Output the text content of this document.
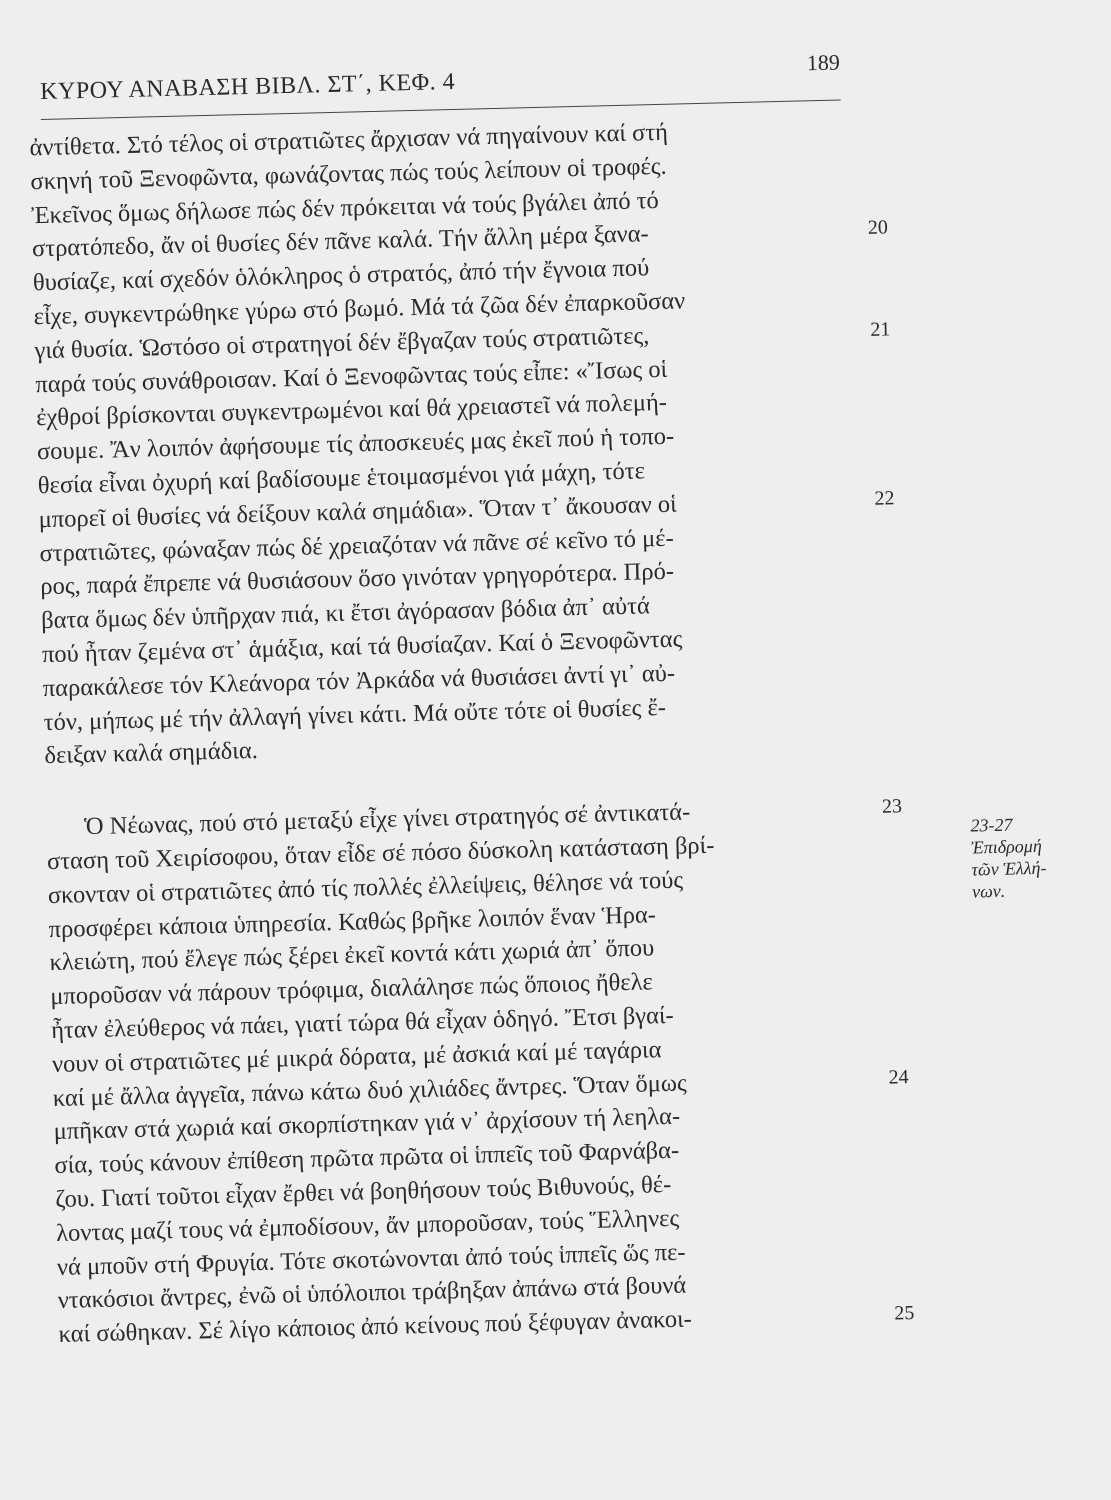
ΚΥΡΟΥ ΑΝΑΒΑΣΗ ΒΙΒΛ. ΣΤ΄, ΚΕΦ. 4
189
ἀντίθετα. Στό τέλος οἱ στρατιῶτες ἄρχισαν νά πηγαίνουν καί στή
σκηνή τοῦ Ξενοφῶντα, φωνάζοντας πώς τούς λείπουν οἱ τροφές.
Ἐκεῖνος ὅμως δήλωσε πώς δέν πρόκειται νά τούς βγάλει ἀπό τό
στρατόπεδο, ἄν οἱ θυσίες δέν πᾶνε καλά. Τήν ἄλλη μέρα ξανα-	20
θυσίαζε, καί σχεδόν ὁλόκληρος ὁ στρατός, ἀπό τήν ἔγνοια πού
εἶχε, συγκεντρώθηκε γύρω στό βωμό. Μά τά ζῶα δέν ἐπαρκοῦσαν
γιά θυσία. Ὡστόσο οἱ στρατηγοί δέν ἔβγαζαν τούς στρατιῶτες,	21
παρά τούς συνάθροισαν. Καί ὁ Ξενοφῶντας τούς εἶπε: «Ἴσως οἱ
ἐχθροί βρίσκονται συγκεντρωμένοι καί θά χρειαστεῖ νά πολεμή-
σουμε. Ἄν λοιπόν ἀφήσουμε τίς ἀποσκευές μας ἐκεῖ πού ἡ τοπο-
θεσία εἶναι ὀχυρή καί βαδίσουμε ἑτοιμασμένοι γιά μάχη, τότε
μπορεῖ οἱ θυσίες νά δείξουν καλά σημάδια». Ὅταν τ᾿ ἄκουσαν οἱ	22
στρατιῶτες, φώναξαν πώς δέ χρειαζόταν νά πᾶνε σέ κεῖνο τό μέ-
ρος, παρά ἔπρεπε νά θυσιάσουν ὅσο γινόταν γρηγορότερα. Πρό-
βατα ὅμως δέν ὑπῆρχαν πιά, κι ἔτσι ἀγόρασαν βόδια ἀπ᾿ αὐτά
πού ἦταν ζεμένα στ᾿ ἁμάξια, καί τά θυσίαζαν. Καί ὁ Ξενοφῶντας
παρακάλεσε τόν Κλεάνορα τόν Ἀρκάδα νά θυσιάσει ἀντί γι᾿ αὐ-
τόν, μήπως μέ τήν ἀλλαγή γίνει κάτι. Μά οὔτε τότε οἱ θυσίες ἔ-
δειξαν καλά σημάδια.
Ὁ Νέωνας, πού στό μεταξύ εἶχε γίνει στρατηγός σέ ἀντικατά-	23
σταση τοῦ Χειρίσοφου, ὅταν εἶδε σέ πόσο δύσκολη κατάσταση βρί-
σκονταν οἱ στρατιῶτες ἀπό τίς πολλές ἐλλείψεις, θέλησε νά τούς
προσφέρει κάποια ὑπηρεσία. Καθώς βρῆκε λοιπόν ἕναν Ἡρα-
κλειώτη, πού ἔλεγε πώς ξέρει ἐκεῖ κοντά κάτι χωριά ἀπ᾿ ὅπου
μποροῦσαν νά πάρουν τρόφιμα, διαλάλησε πώς ὅποιος ἤθελε
ἦταν ἐλεύθερος νά πάει, γιατί τώρα θά εἶχαν ὁδηγό. Ἔτσι βγαί-
νουν οἱ στρατιῶτες μέ μικρά δόρατα, μέ ἀσκιά καί μέ ταγάρια
καί μέ ἄλλα ἀγγεῖα, πάνω κάτω δυό χιλιάδες ἄντρες. Ὅταν ὅμως	24
μπῆκαν στά χωριά καί σκορπίστηκαν γιά ν᾿ ἀρχίσουν τή λεηλα-
σία, τούς κάνουν ἐπίθεση πρῶτα πρῶτα οἱ ἱππεῖς τοῦ Φαρνάβα-
ζου. Γιατί τοῦτοι εἶχαν ἔρθει νά βοηθήσουν τούς Βιθυνούς, θέ-
λοντας μαζί τους νά ἐμποδίσουν, ἄν μποροῦσαν, τούς Ἕλληνες
νά μποῦν στή Φρυγία. Τότε σκοτώνονται ἀπό τούς ἱππεῖς ὥς πε-
ντακόσιοι ἄντρες, ἐνῶ οἱ ὑπόλοιποι τράβηξαν ἀπάνω στά βουνά
καί σώθηκαν. Σέ λίγο κάποιος ἀπό κείνους πού ξέφυγαν ἀνακοι-	25
23-27
Ἐπιδρομή
τῶν Ἑλλή-
νων.
